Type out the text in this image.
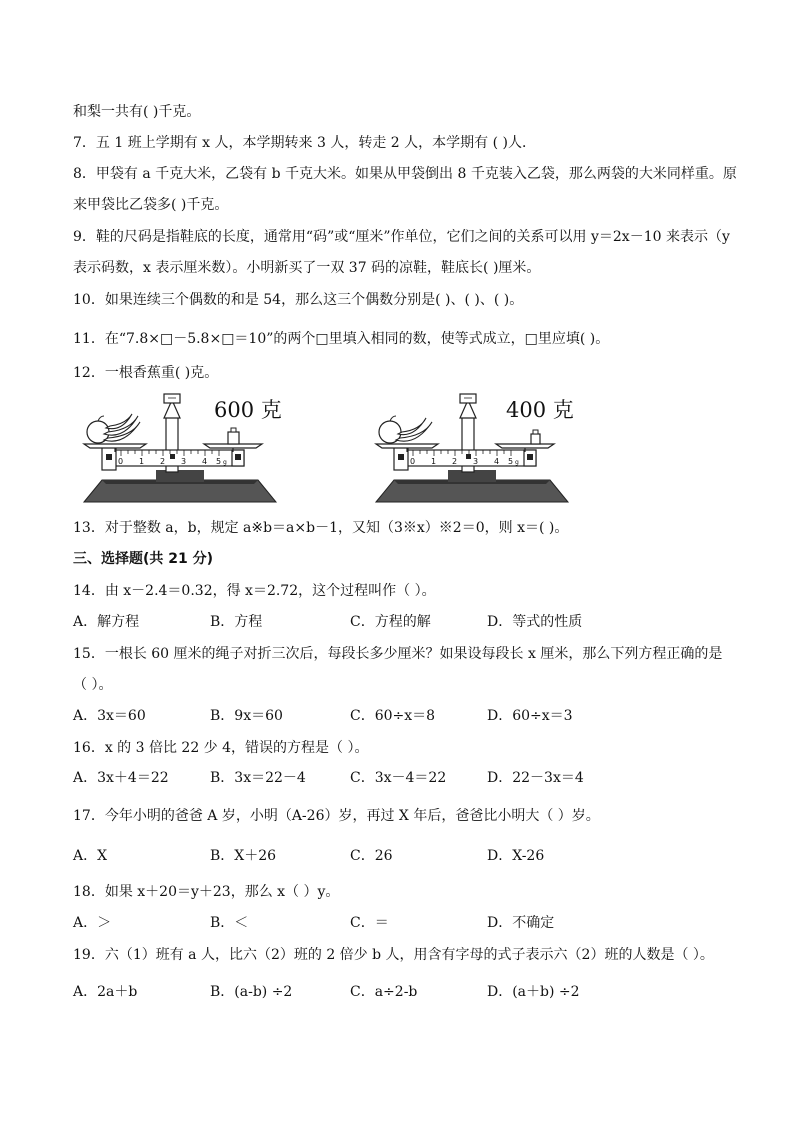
和梨一共有( )千克。
7．五 1 班上学期有 x 人，本学期转来 3 人，转走 2 人，本学期有 ( )人．
8．甲袋有 a 千克大米，乙袋有 b 千克大米。如果从甲袋倒出 8 千克装入乙袋，那么两袋的大米同样重。原
来甲袋比乙袋多( )千克。
9．鞋的尺码是指鞋底的长度，通常用“码”或“厘米”作单位，它们之间的关系可以用 y＝2x－10 来表示（y
表示码数，x 表示厘米数）。小明新买了一双 37 码的凉鞋，鞋底长( )厘米。
10．如果连续三个偶数的和是 54，那么这三个偶数分别是( )、( )、( )。
11．在“7.8×□－5.8×□＝10”的两个□里填入相同的数，使等式成立，□里应填( )。
12．一根香蕉重( )克。
0 1 2 3 4 5 g
600 克
0 1 2 3 4 5 g
400 克
13．对于整数 a，b，规定 a※b＝a×b－1，又知（3※x）※2＝0，则 x＝( )。
三、选择题(共 21 分)
14．由 x－2.4＝0.32，得 x＝2.72，这个过程叫作（ ）。
A．解方程	B．方程	C．方程的解	D．等式的性质
15．一根长 60 厘米的绳子对折三次后，每段长多少厘米？如果设每段长 x 厘米，那么下列方程正确的是
（ ）。
A．3x＝60	B．9x＝60	C．60÷x＝8	D．60÷x＝3
16．x 的 3 倍比 22 少 4，错误的方程是（ ）。
A．3x＋4＝22	B．3x＝22－4	C．3x－4＝22	D．22－3x＝4
17．今年小明的爸爸 A 岁，小明（A-26）岁，再过 X 年后，爸爸比小明大（ ）岁。
A．X	B．X＋26	C．26	D．X-26
18．如果 x＋20＝y＋23，那么 x（ ）y。
A．＞	B．＜	C．＝	D．不确定
19．六（1）班有 a 人，比六（2）班的 2 倍少 b 人，用含有字母的式子表示六（2）班的人数是（ ）。
A．2a＋b	B．(a-b) ÷2	C．a÷2-b	D．(a＋b) ÷2
